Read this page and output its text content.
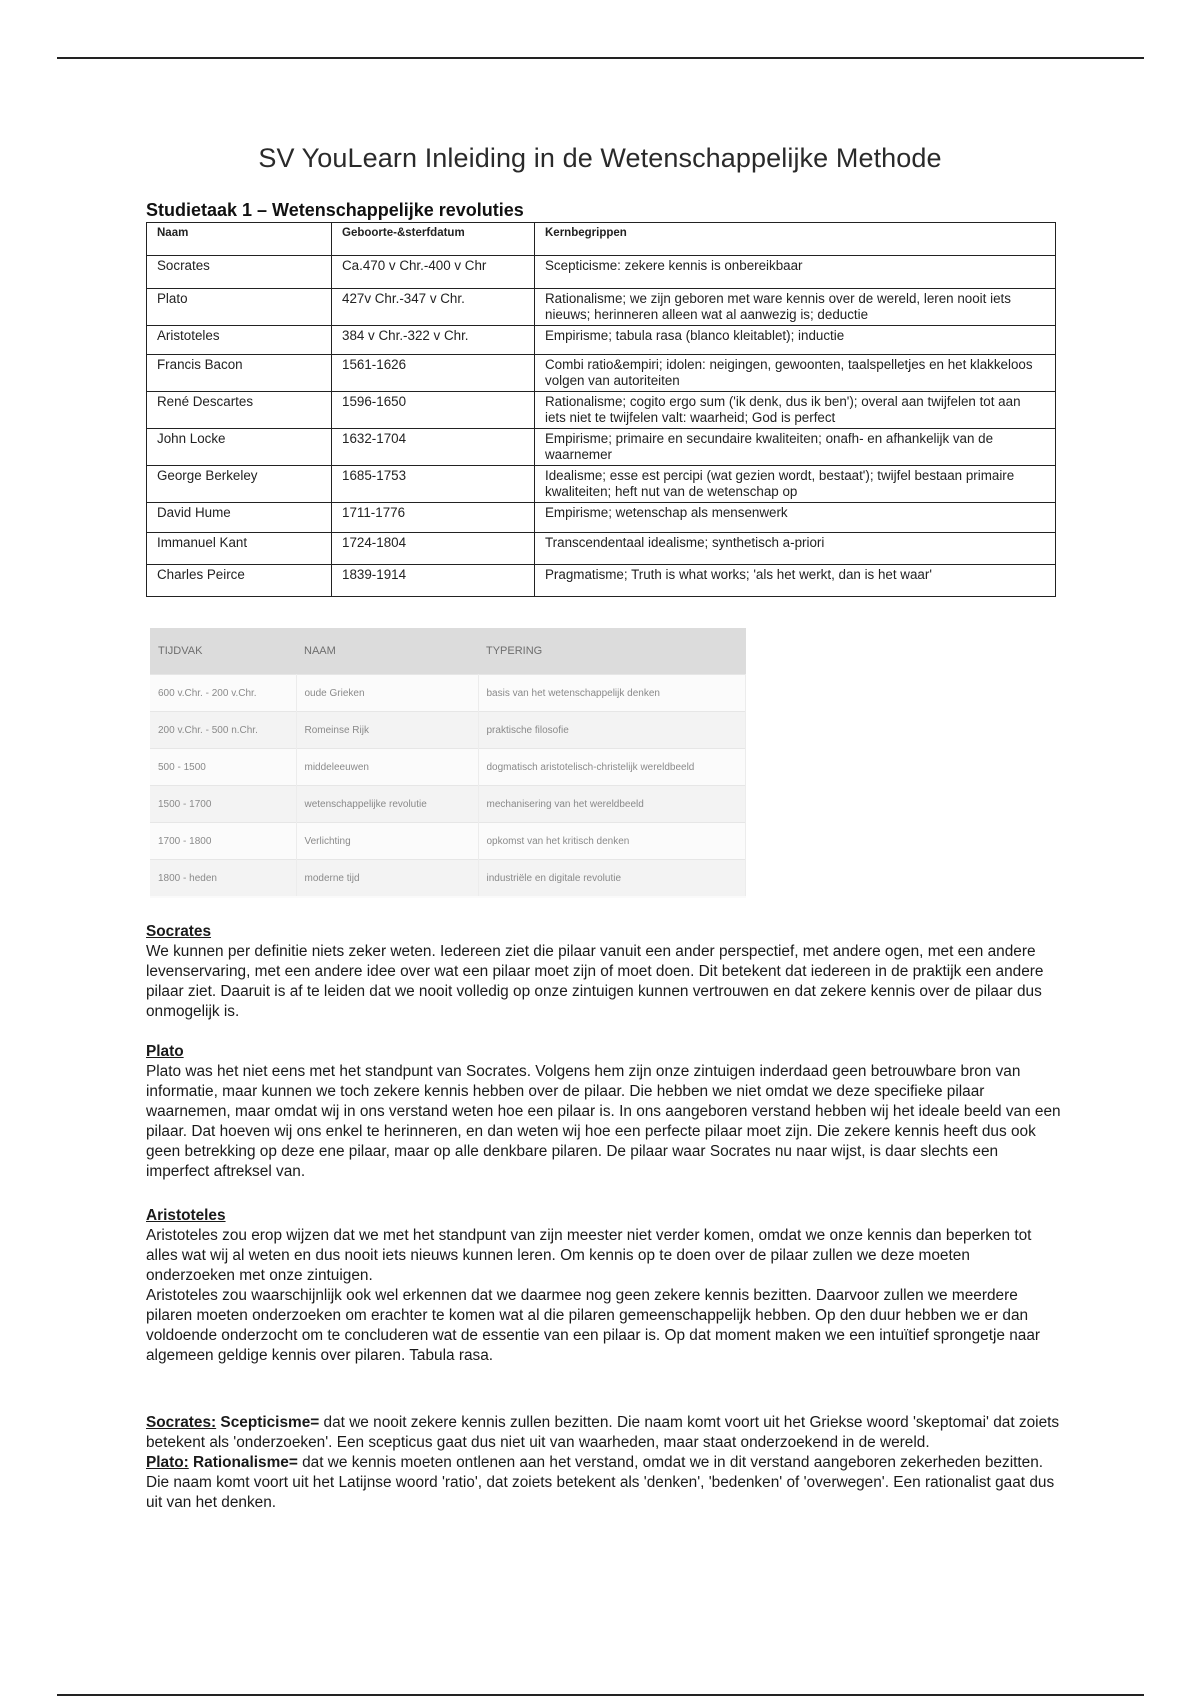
SV YouLearn Inleiding in de Wetenschappelijke Methode
Studietaak 1 – Wetenschappelijke revoluties
Naam	Geboorte-&sterfdatum	Kernbegrippen
Socrates	Ca.470 v Chr.-400 v Chr	Scepticisme: zekere kennis is onbereikbaar
Plato	427v Chr.-347 v Chr.	Rationalisme; we zijn geboren met ware kennis over de wereld, leren nooit iets nieuws; herinneren alleen wat al aanwezig is; deductie
Aristoteles	384 v Chr.-322 v Chr.	Empirisme; tabula rasa (blanco kleitablet); inductie
Francis Bacon	1561-1626	Combi ratio&empiri; idolen: neigingen, gewoonten, taalspelletjes en het klakkeloos volgen van autoriteiten
René Descartes	1596-1650	Rationalisme; cogito ergo sum ('ik denk, dus ik ben'); overal aan twijfelen tot aan iets niet te twijfelen valt: waarheid; God is perfect
John Locke	1632-1704	Empirisme; primaire en secundaire kwaliteiten; onafh- en afhankelijk van de waarnemer
George Berkeley	1685-1753	Idealisme; esse est percipi (wat gezien wordt, bestaat'); twijfel bestaan primaire kwaliteiten; heft nut van de wetenschap op
David Hume	1711-1776	Empirisme; wetenschap als mensenwerk
Immanuel Kant	1724-1804	Transcendentaal idealisme; synthetisch a-priori
Charles Peirce	1839-1914	Pragmatisme; Truth is what works; 'als het werkt, dan is het waar'
TIJDVAK	NAAM	TYPERING
600 v.Chr. - 200 v.Chr.	oude Grieken	basis van het wetenschappelijk denken
200 v.Chr. - 500 n.Chr.	Romeinse Rijk	praktische filosofie
500 - 1500	middeleeuwen	dogmatisch aristotelisch-christelijk wereldbeeld
1500 - 1700	wetenschappelijke revolutie	mechanisering van het wereldbeeld
1700 - 1800	Verlichting	opkomst van het kritisch denken
1800 - heden	moderne tijd	industriële en digitale revolutie
Socrates

We kunnen per definitie niets zeker weten. Iedereen ziet die pilaar vanuit een ander perspectief, met andere ogen, met een andere levenservaring, met een andere idee over wat een pilaar moet zijn of moet doen. Dit betekent dat iedereen in de praktijk een andere pilaar ziet. Daaruit is af te leiden dat we nooit volledig op onze zintuigen kunnen vertrouwen en dat zekere kennis over de pilaar dus onmogelijk is.

Plato

Plato was het niet eens met het standpunt van Socrates. Volgens hem zijn onze zintuigen inderdaad geen betrouwbare bron van informatie, maar kunnen we toch zekere kennis hebben over de pilaar. Die hebben we niet omdat we deze specifieke pilaar waarnemen, maar omdat wij in ons verstand weten hoe een pilaar is. In ons aangeboren verstand hebben wij het ideale beeld van een pilaar. Dat hoeven wij ons enkel te herinneren, en dan weten wij hoe een perfecte pilaar moet zijn. Die zekere kennis heeft dus ook geen betrekking op deze ene pilaar, maar op alle denkbare pilaren. De pilaar waar Socrates nu naar wijst, is daar slechts een imperfect aftreksel van.

Aristoteles

Aristoteles zou erop wijzen dat we met het standpunt van zijn meester niet verder komen, omdat we onze kennis dan beperken tot alles wat wij al weten en dus nooit iets nieuws kunnen leren. Om kennis op te doen over de pilaar zullen we deze moeten onderzoeken met onze zintuigen.

Aristoteles zou waarschijnlijk ook wel erkennen dat we daarmee nog geen zekere kennis bezitten. Daarvoor zullen we meerdere pilaren moeten onderzoeken om erachter te komen wat al die pilaren gemeenschappelijk hebben. Op den duur hebben we er dan voldoende onderzocht om te concluderen wat de essentie van een pilaar is. Op dat moment maken we een intuïtief sprongetje naar algemeen geldige kennis over pilaren. Tabula rasa.

Socrates: Scepticisme= dat we nooit zekere kennis zullen bezitten. Die naam komt voort uit het Griekse woord 'skeptomai' dat zoiets betekent als 'onderzoeken'. Een scepticus gaat dus niet uit van waarheden, maar staat onderzoekend in de wereld.

Plato: Rationalisme= dat we kennis moeten ontlenen aan het verstand, omdat we in dit verstand aangeboren zekerheden bezitten. Die naam komt voort uit het Latijnse woord 'ratio', dat zoiets betekent als 'denken', 'bedenken' of 'overwegen'. Een rationalist gaat dus uit van het denken.
